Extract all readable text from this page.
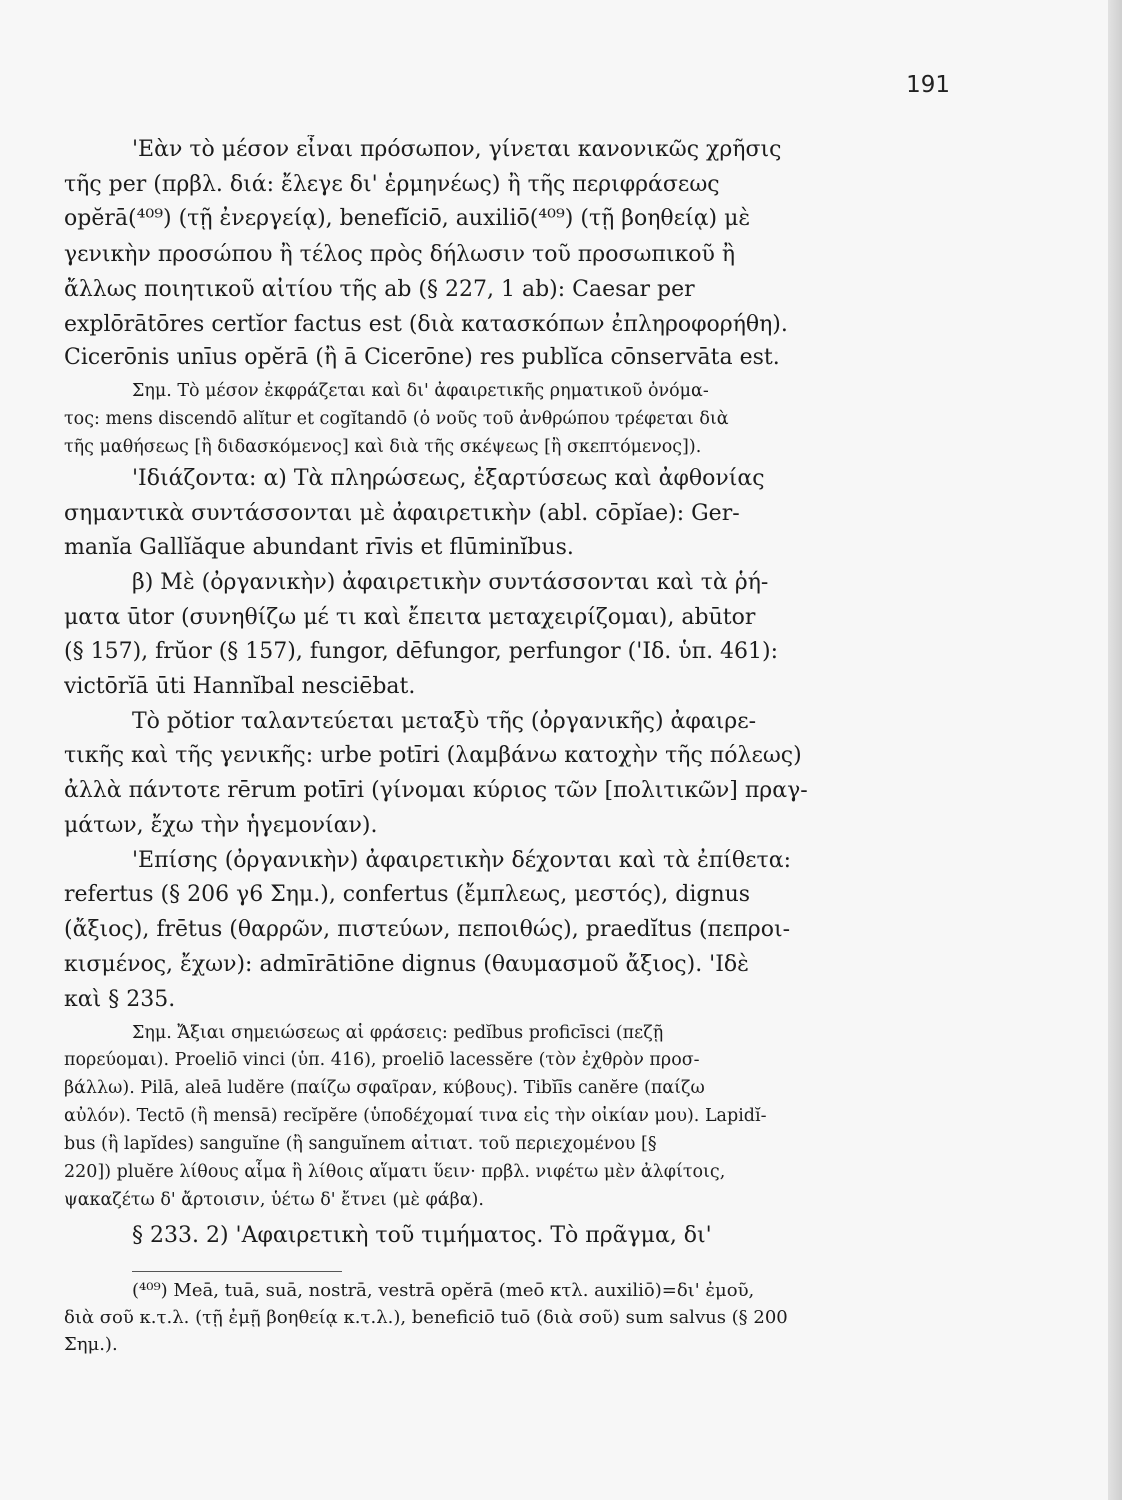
191
'Εὰν τὸ μέσον εἶναι πρόσωπον, γίνεται κανονικῶς χρῆσις
τῆς per (πρβλ. διά: ἔλεγε δι' ἑρμηνέως) ἢ τῆς περιφράσεως
opĕrā(⁴⁰⁹) (τῇ ἐνεργείᾳ), benefĭciō, auxiliō(⁴⁰⁹) (τῇ βοηθείᾳ) μὲ
γενικὴν προσώπου ἢ τέλος πρὸς δήλωσιν τοῦ προσωπικοῦ ἢ
ἄλλως ποιητικοῦ αἰτίου τῆς ab (§ 227, 1 ab): Caesar per
explōrātōres certĭor factus est (διὰ κατασκόπων ἐπληροφορήθη).
Cicerōnis unīus opĕrā (ἢ ā Cicerōne) res publĭca cōnservāta est.
Σημ. Τὸ μέσον ἐκφράζεται καὶ δι' ἀφαιρετικῆς ρηματικοῦ ὀνόμα-
τος: mens discendō alĭtur et cogĭtandō (ὁ νοῦς τοῦ ἀνθρώπου τρέφεται διὰ
τῆς μαθήσεως [ἢ διδασκόμενος] καὶ διὰ τῆς σκέψεως [ἢ σκεπτόμενος]).
'Ιδιάζοντα: α) Τὰ πληρώσεως, ἐξαρτύσεως καὶ ἀφθονίας
σημαντικὰ συντάσσονται μὲ ἀφαιρετικὴν (abl. cōpĭae): Ger-
manĭa Gallĭăque abundant rīvis et flūminĭbus.
β) Μὲ (ὀργανικὴν) ἀφαιρετικὴν συντάσσονται καὶ τὰ ῥή-
ματα ūtor (συνηθίζω μέ τι καὶ ἔπειτα μεταχειρίζομαι), abūtor
(§ 157), frŭor (§ 157), fungor, dēfungor, perfungor ('Ιδ. ὑπ. 461):
victōrĭā ūti Hannĭbal nesciēbat.
Τὸ pŏtior ταλαντεύεται μεταξὺ τῆς (ὀργανικῆς) ἀφαιρε-
τικῆς καὶ τῆς γενικῆς: urbe potīri (λαμβάνω κατοχὴν τῆς πόλεως)
ἀλλὰ πάντοτε rērum potīri (γίνομαι κύριος τῶν [πολιτικῶν] πραγ-
μάτων, ἔχω τὴν ἡγεμονίαν).
'Επίσης (ὀργανικὴν) ἀφαιρετικὴν δέχονται καὶ τὰ ἐπίθετα:
refertus (§ 206 γ6 Σημ.), confertus (ἔμπλεως, μεστός), dignus
(ἄξιος), frētus (θαρρῶν, πιστεύων, πεποιθώς), praedĭtus (πεπροι-
κισμένος, ἔχων): admīrātiōne dignus (θαυμασμοῦ ἄξιος). 'Ιδὲ
καὶ § 235.
Σημ. Ἄξιαι σημειώσεως αἱ φράσεις: pedĭbus proficīsci (πεζῇ
πορεύομαι). Proeliō vinci (ὑπ. 416), proeliō lacessĕre (τὸν ἐχθρὸν προσ-
βάλλω). Pilā, aleā ludĕre (παίζω σφαῖραν, κύβους). Tibĭīs canĕre (παίζω
αὐλόν). Tectō (ἢ mensā) recĭpĕre (ὑποδέχομαί τινα εἰς τὴν οἰκίαν μου). Lapidĭ-
bus (ἢ lapĭdes) sanguĭne (ἢ sanguĭnem αἰτιατ. τοῦ περιεχομένου [§
220]) pluĕre λίθους αἷμα ἢ λίθοις αἵματι ὕειν· πρβλ. νιφέτω μὲν ἀλφίτοις,
ψακαζέτω δ' ἄρτοισιν, ὑέτω δ' ἔτνει (μὲ φάβα).
§ 233. 2) 'Αφαιρετικὴ τοῦ τιμήματος. Τὸ πρᾶγμα, δι'
(⁴⁰⁹) Meā, tuā, suā, nostrā, vestrā opĕrā (meō κτλ. auxiliō)=δι' ἐμοῦ,
διὰ σοῦ κ.τ.λ. (τῇ ἐμῇ βοηθείᾳ κ.τ.λ.), beneficiō tuō (διὰ σοῦ) sum salvus (§ 200
Σημ.).
